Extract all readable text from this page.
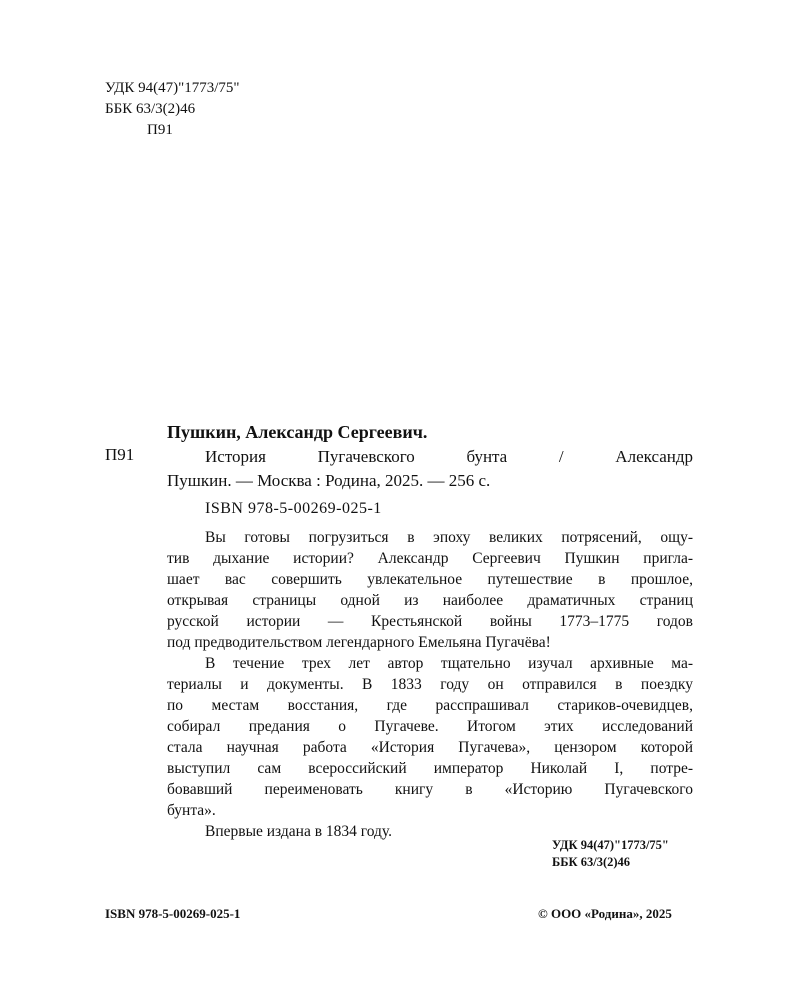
УДК 94(47)"1773/75"
ББК 63/3(2)46
П91
Пушкин, Александр Сергеевич.
П91	История Пугачевского бунта / Александр
Пушкин. — Москва : Родина, 2025. — 256 с.
ISBN 978-5-00269-025-1
Вы готовы погрузиться в эпоху великих потрясений, ощу-
тив дыхание истории? Александр Сергеевич Пушкин пригла-
шает вас совершить увлекательное путешествие в прошлое,
открывая страницы одной из наиболее драматичных страниц
русской истории — Крестьянской войны 1773–1775 годов
под предводительством легендарного Емельяна Пугачёва!
В течение трех лет автор тщательно изучал архивные ма-
териалы и документы. В 1833 году он отправился в поездку
по местам восстания, где расспрашивал стариков-очевидцев,
собирал предания о Пугачеве. Итогом этих исследований
стала научная работа «История Пугачева», цензором которой
выступил сам всероссийский император Николай I, потре-
бовавший переименовать книгу в «Историю Пугачевского
бунта».
Впервые издана в 1834 году.
УДК 94(47)"1773/75"
ББК 63/3(2)46
ISBN 978-5-00269-025-1	© ООО «Родина», 2025
